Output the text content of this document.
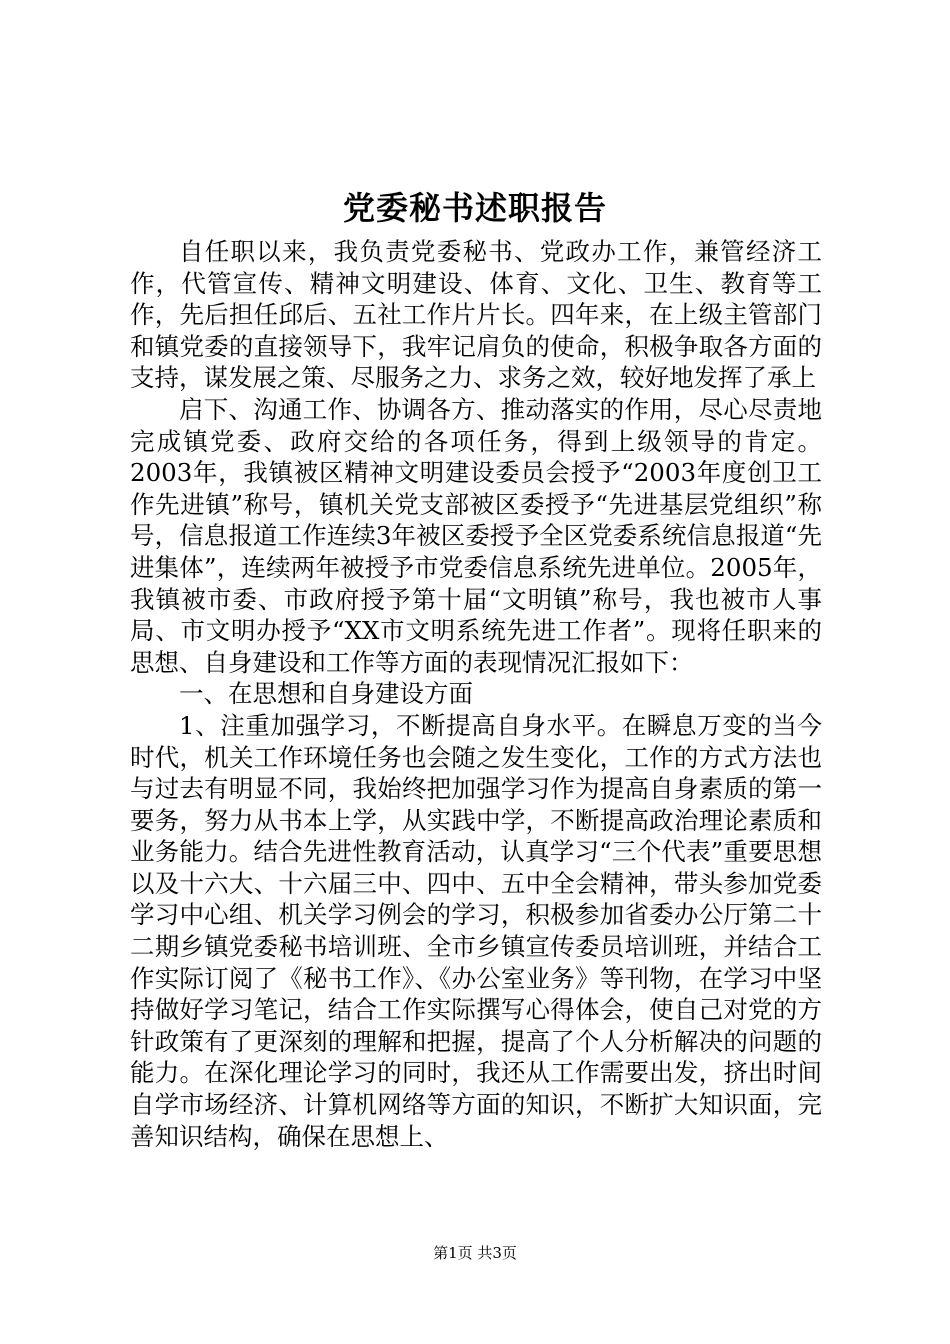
党委秘书述职报告

自任职以来，我负责党委秘书、党政办工作，兼管经济工作，代管宣传、精神文明建设、体育、文化、卫生、教育等工作，先后担任邱后、五社工作片片长。四年来，在上级主管部门和镇党委的直接领导下，我牢记肩负的使命，积极争取各方面的支持，谋发展之策、尽服务之力、求务之效，较好地发挥了承上

启下、沟通工作、协调各方、推动落实的作用，尽心尽责地完成镇党委、政府交给的各项任务，得到上级领导的肯定。2003年，我镇被区精神文明建设委员会授予“2003年度创卫工作先进镇”称号，镇机关党支部被区委授予“先进基层党组织”称号，信息报道工作连续3年被区委授予全区党委系统信息报道“先进集体”，连续两年被授予市党委信息系统先进单位。2005年，我镇被市委、市政府授予第十届“文明镇”称号，我也被市人事局、市文明办授予“XX市文明系统先进工作者”。现将任职来的思想、自身建设和工作等方面的表现情况汇报如下：

一、在思想和自身建设方面

1、注重加强学习，不断提高自身水平。在瞬息万变的当今时代，机关工作环境任务也会随之发生变化，工作的方式方法也与过去有明显不同，我始终把加强学习作为提高自身素质的第一要务，努力从书本上学，从实践中学，不断提高政治理论素质和业务能力。结合先进性教育活动，认真学习“三个代表”重要思想以及十六大、十六届三中、四中、五中全会精神，带头参加党委学习中心组、机关学习例会的学习，积极参加省委办公厅第二十二期乡镇党委秘书培训班、全市乡镇宣传委员培训班，并结合工作实际订阅了《秘书工作》、《办公室业务》等刊物，在学习中坚持做好学习笔记，结合工作实际撰写心得体会，使自己对党的方针政策有了更深刻的理解和把握，提高了个人分析解决的问题的能力。在深化理论学习的同时，我还从工作需要出发，挤出时间自学市场经济、计算机网络等方面的知识，不断扩大知识面，完善知识结构，确保在思想上、

第1页 共3页
